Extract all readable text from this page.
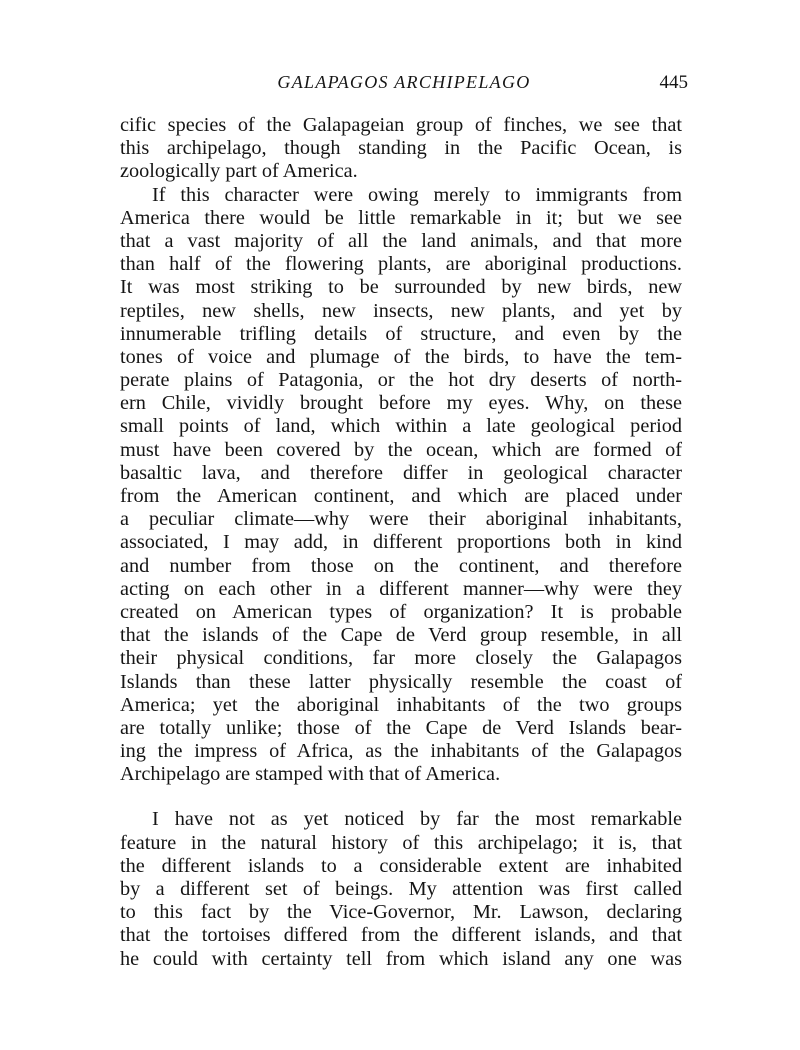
GALAPAGOS ARCHIPELAGO	445
cific species of the Galapageian group of finches, we see that
this archipelago, though standing in the Pacific Ocean, is
zoologically part of America.
If this character were owing merely to immigrants from
America there would be little remarkable in it; but we see
that a vast majority of all the land animals, and that more
than half of the flowering plants, are aboriginal productions.
It was most striking to be surrounded by new birds, new
reptiles, new shells, new insects, new plants, and yet by
innumerable trifling details of structure, and even by the
tones of voice and plumage of the birds, to have the tem-
perate plains of Patagonia, or the hot dry deserts of north-
ern Chile, vividly brought before my eyes. Why, on these
small points of land, which within a late geological period
must have been covered by the ocean, which are formed of
basaltic lava, and therefore differ in geological character
from the American continent, and which are placed under
a peculiar climate—why were their aboriginal inhabitants,
associated, I may add, in different proportions both in kind
and number from those on the continent, and therefore
acting on each other in a different manner—why were they
created on American types of organization? It is probable
that the islands of the Cape de Verd group resemble, in all
their physical conditions, far more closely the Galapagos
Islands than these latter physically resemble the coast of
America; yet the aboriginal inhabitants of the two groups
are totally unlike; those of the Cape de Verd Islands bear-
ing the impress of Africa, as the inhabitants of the Galapagos
Archipelago are stamped with that of America.
I have not as yet noticed by far the most remarkable
feature in the natural history of this archipelago; it is, that
the different islands to a considerable extent are inhabited
by a different set of beings. My attention was first called
to this fact by the Vice-Governor, Mr. Lawson, declaring
that the tortoises differed from the different islands, and that
he could with certainty tell from which island any one was
